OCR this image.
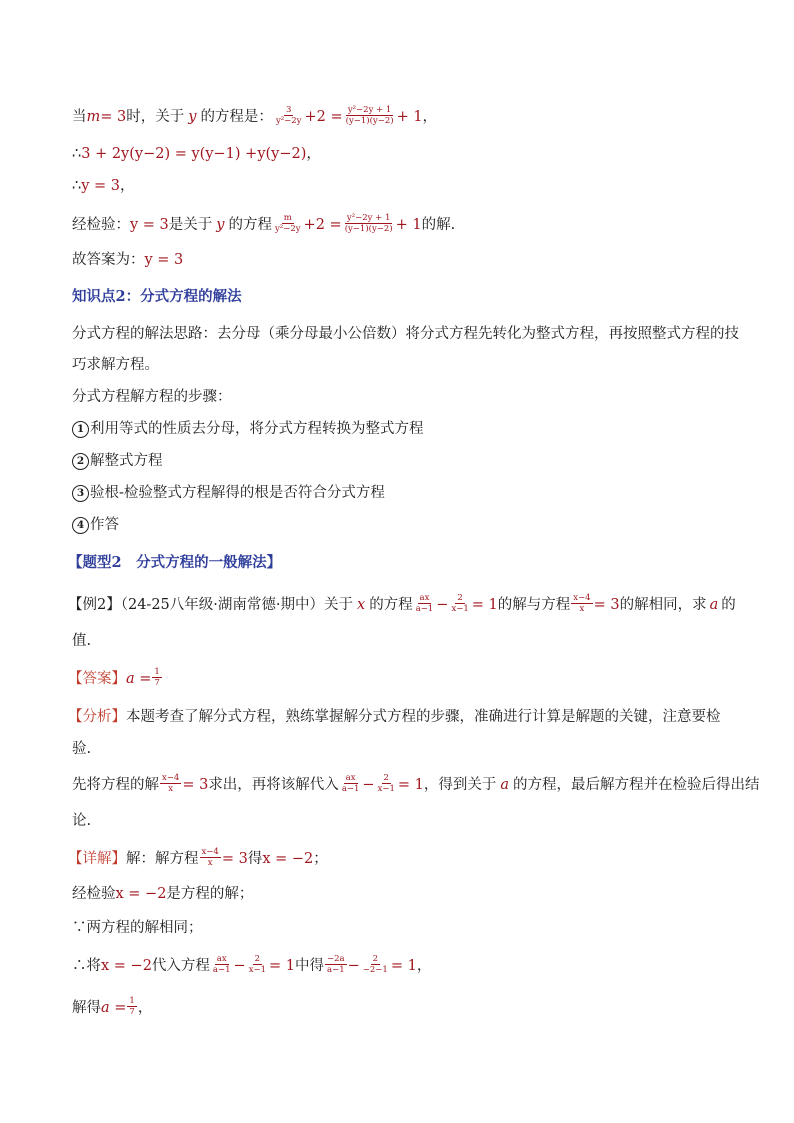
当 m = 3 时，关于 y 的方程是： $\frac{3}{\text{y²−2y}} +2 = \frac{\text{y²−2y + 1}}{(y-1)(y-2)} + 1$ ，
∴ 3 + 2y(y−2) = y(y−1) +y(y−2) ，
∴ y = 3 ，
经检验： y = 3 是关于 y 的方程 $\frac{m}{\text{y²−2y}} +2 = \frac{\text{y²−2y + 1}}{(y-1)(y-2)} + 1$ 的解.
故答案为： y = 3
知识点2：分式方程的解法
分式方程的解法思路：去分母（乘分母最小公倍数）将分式方程先转化为整式方程，再按照整式方程的技
巧求解方程。
分式方程解方程的步骤：
1 利用等式的性质去分母，将分式方程转换为整式方程
2 解整式方程
3 验根-检验整式方程解得的根是否符合分式方程
4 作答
【题型2　分式方程的一般解法】
【例2】（24-25八年级·湖南常德·期中）关于 x 的方程 $\frac{ax}{a-1} - \frac{2}{x-1} = 1$ 的解与方程 $\frac{x-4}{x} = 3$ 的解相同，求 a 的
值.
【答案】 $a = \frac{1}{7}$
【分析】 本题考查了解分式方程，熟练掌握解分式方程的步骤，准确进行计算是解题的关键，注意要检
验.
先将方程的解 $\frac{x-4}{x} = 3$ 求出，再将该解代入 $\frac{ax}{a-1} - \frac{2}{x-1} = 1$ ，得到关于 a 的方程，最后解方程并在检验后得出结
论.
【详解】 解：解方程 $\frac{x-4}{x} = 3$ 得 x = −2 ；
经检验 x = −2 是方程的解；
∵两方程的解相同；
∴将 x = −2 代入方程 $\frac{ax}{a-1} - \frac{2}{x-1} = 1$ 中得 $\frac{-2a}{a-1} - \frac{2}{-2-1} = 1$ ，
解得 $a = \frac{1}{7}$ ，
